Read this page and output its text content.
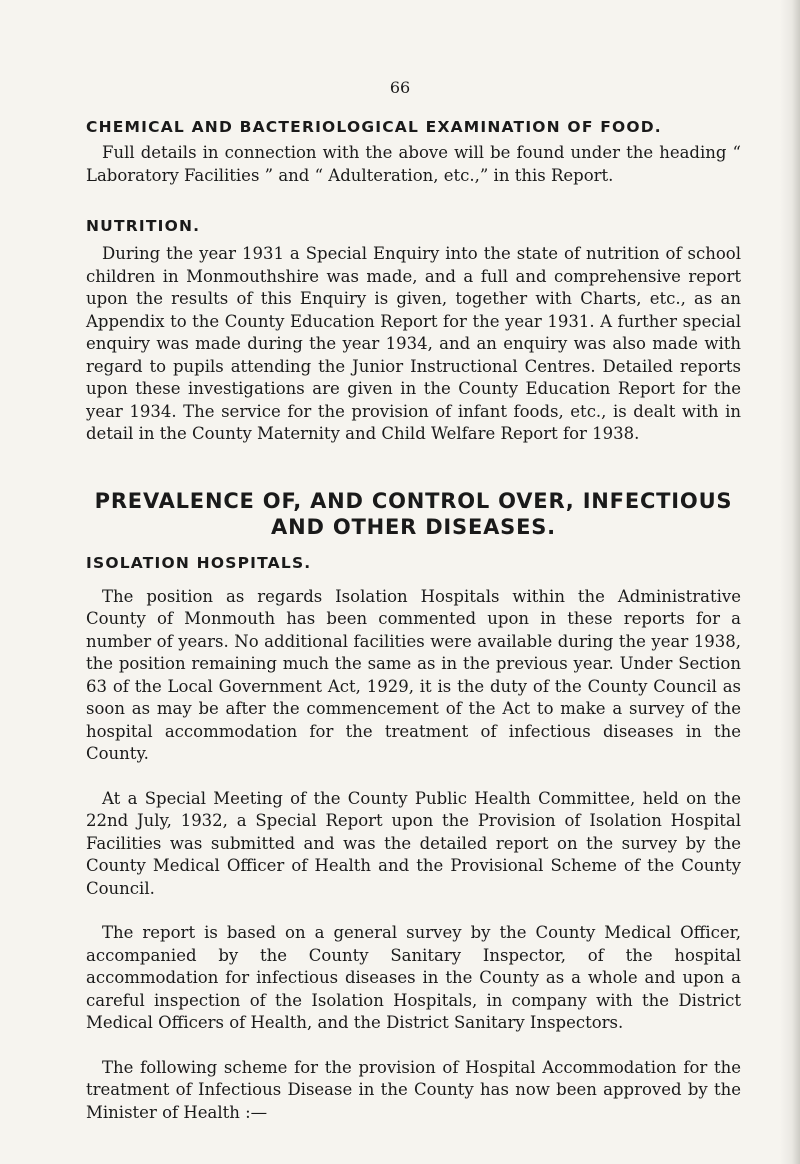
66
CHEMICAL AND BACTERIOLOGICAL EXAMINATION OF FOOD.

Full details in connection with the above will be found under the heading “ Laboratory Facilities ” and “ Adulteration, etc.,” in this Report.

NUTRITION.

During the year 1931 a Special Enquiry into the state of nutrition of school children in Monmouthshire was made, and a full and comprehensive report upon the results of this Enquiry is given, together with Charts, etc., as an Appendix to the County Education Report for the year 1931. A further special enquiry was made during the year 1934, and an enquiry was also made with regard to pupils attending the Junior Instructional Centres. Detailed reports upon these investigations are given in the County Education Report for the year 1934. The service for the provision of infant foods, etc., is dealt with in detail in the County Maternity and Child Welfare Report for 1938.

PREVALENCE OF, AND CONTROL OVER, INFECTIOUS
AND OTHER DISEASES.
ISOLATION HOSPITALS.

The position as regards Isolation Hospitals within the Administrative County of Monmouth has been commented upon in these reports for a number of years. No additional facilities were available during the year 1938, the position remaining much the same as in the previous year. Under Section 63 of the Local Government Act, 1929, it is the duty of the County Council as soon as may be after the commencement of the Act to make a survey of the hospital accommodation for the treatment of infectious diseases in the County.

At a Special Meeting of the County Public Health Committee, held on the 22nd July, 1932, a Special Report upon the Provision of Isolation Hospital Facilities was submitted and was the detailed report on the survey by the County Medical Officer of Health and the Provisional Scheme of the County Council.

The report is based on a general survey by the County Medical Officer, accompanied by the County Sanitary Inspector, of the hospital accommodation for infectious diseases in the County as a whole and upon a careful inspection of the Isolation Hospitals, in company with the District Medical Officers of Health, and the District Sanitary Inspectors.

The following scheme for the provision of Hospital Accommodation for the treatment of Infectious Disease in the County has now been approved by the Minister of Health :—
